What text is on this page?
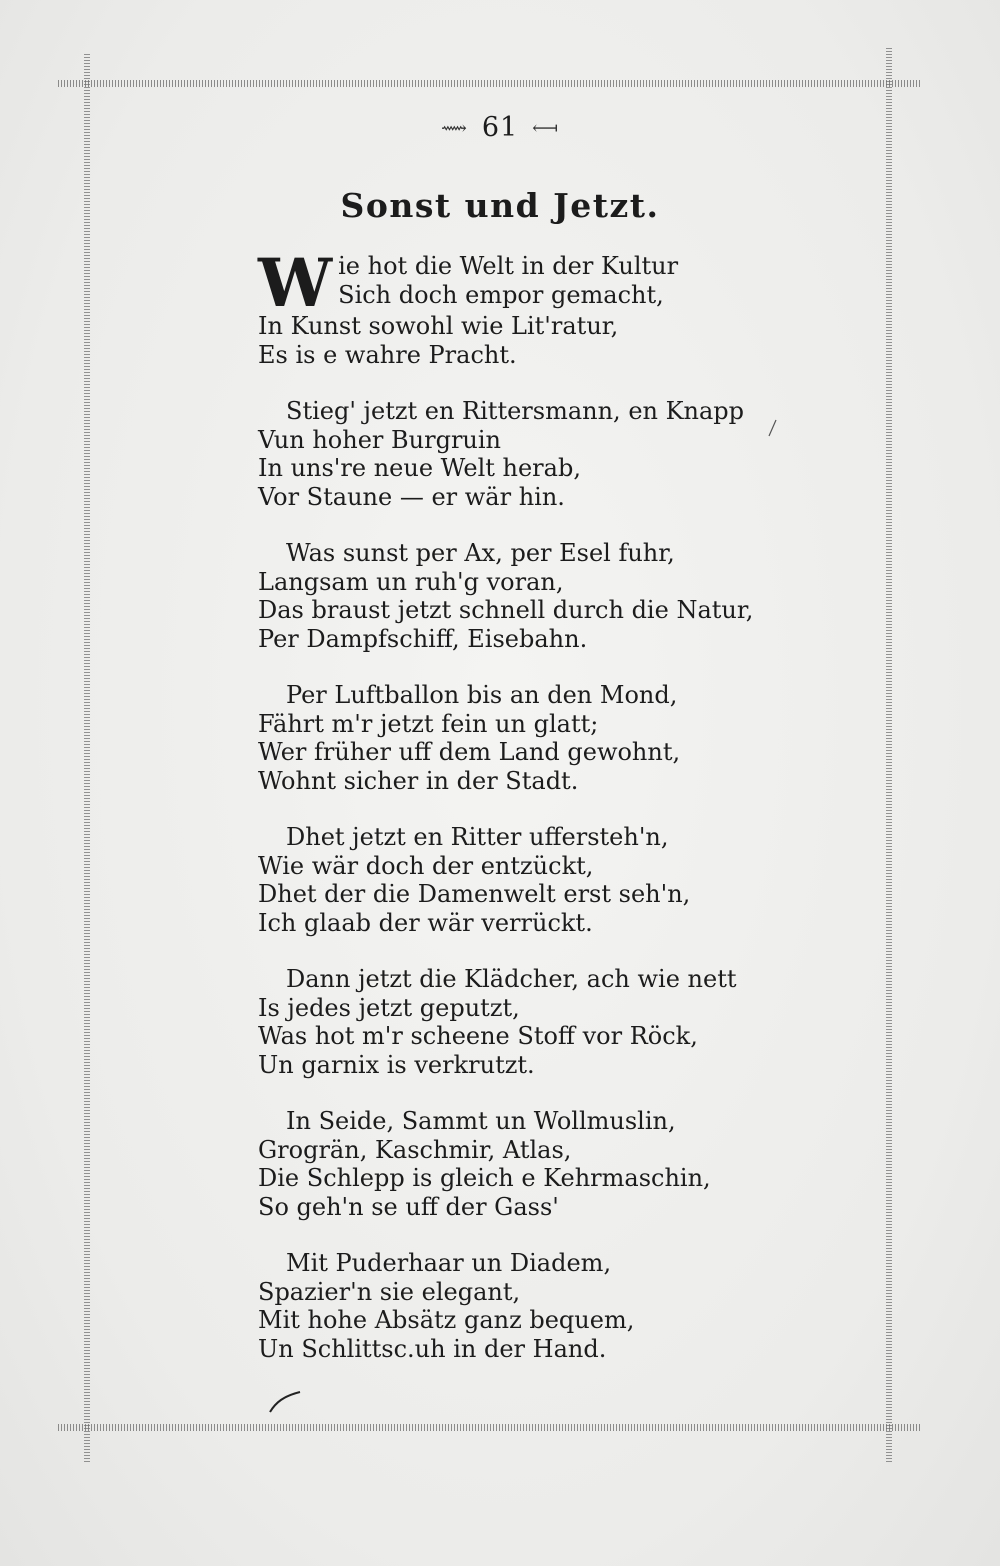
⟿ 61 ⟻
Sonst und Jetzt.
W ie hot die Welt in der Kultur
Sich doch empor gemacht,
In Kunst sowohl wie Lit'ratur,
Es is e wahre Pracht.
Stieg' jetzt en Rittersmann, en Knapp
Vun hoher Burgruin
In uns're neue Welt herab,
Vor Staune — er wär hin.
Was sunst per Ax, per Esel fuhr,
Langsam un ruh'g voran,
Das braust jetzt schnell durch die Natur,
Per Dampfschiff, Eisebahn.
Per Luftballon bis an den Mond,
Fährt m'r jetzt fein un glatt;
Wer früher uff dem Land gewohnt,
Wohnt sicher in der Stadt.
Dhet jetzt en Ritter uffersteh'n,
Wie wär doch der entzückt,
Dhet der die Damenwelt erst seh'n,
Ich glaab der wär verrückt.
Dann jetzt die Klädcher, ach wie nett
Is jedes jetzt geputzt,
Was hot m'r scheene Stoff vor Röck,
Un garnix is verkrutzt.
In Seide, Sammt un Wollmuslin,
Grogrän, Kaschmir, Atlas,
Die Schlepp is gleich e Kehrmaschin,
So geh'n se uff der Gass'
Mit Puderhaar un Diadem,
Spazier'n sie elegant,
Mit hohe Absätz ganz bequem,
Un Schlittsc.uh in der Hand.
